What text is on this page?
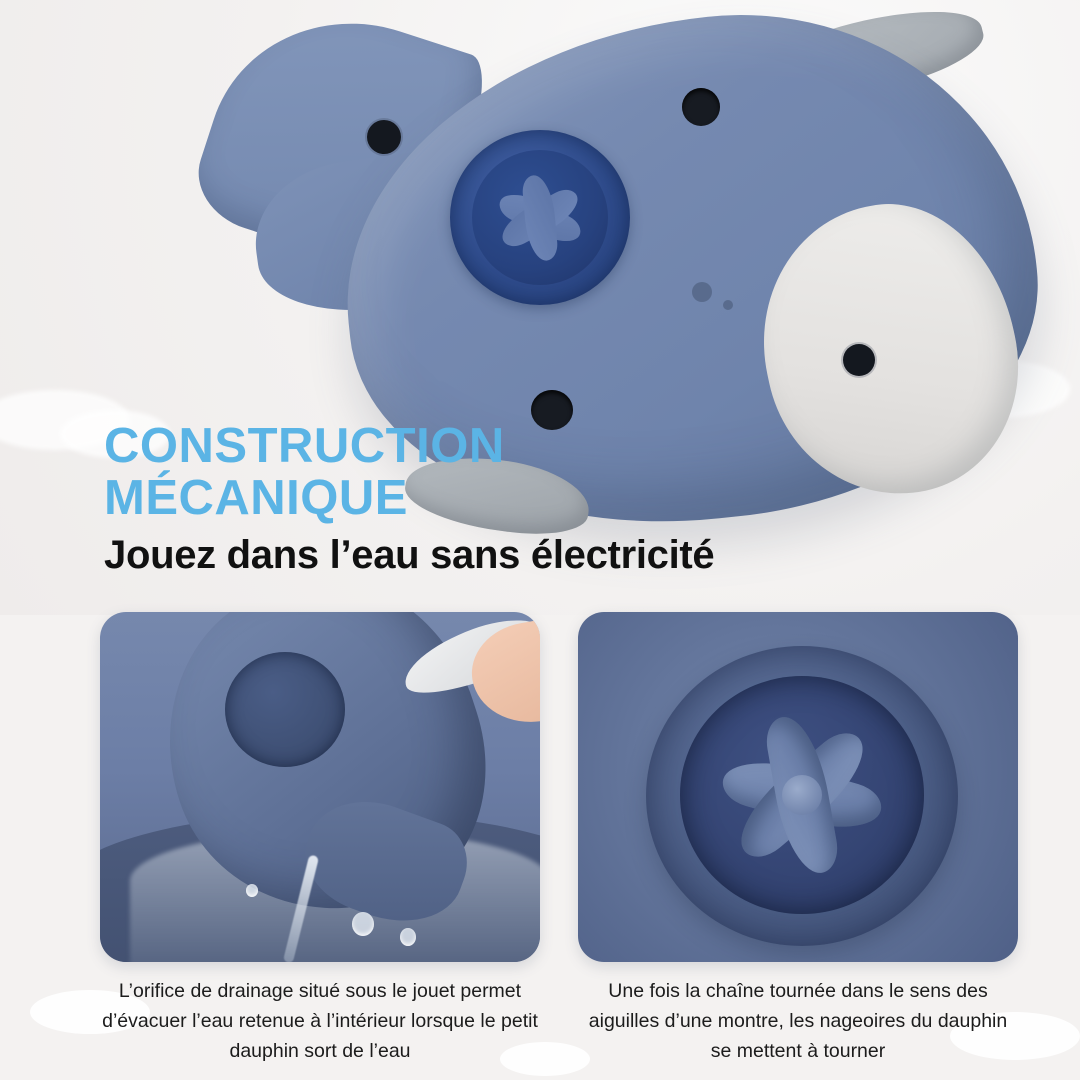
CONSTRUCTION
MÉCANIQUE

Jouez dans l’eau sans électricité

L’orifice de drainage situé sous le jouet permet d’évacuer l’eau retenue à l’intérieur lorsque le petit dauphin sort de l’eau

Une fois la chaîne tournée dans le sens des aiguilles d’une montre, les nageoires du dauphin se mettent à tourner
